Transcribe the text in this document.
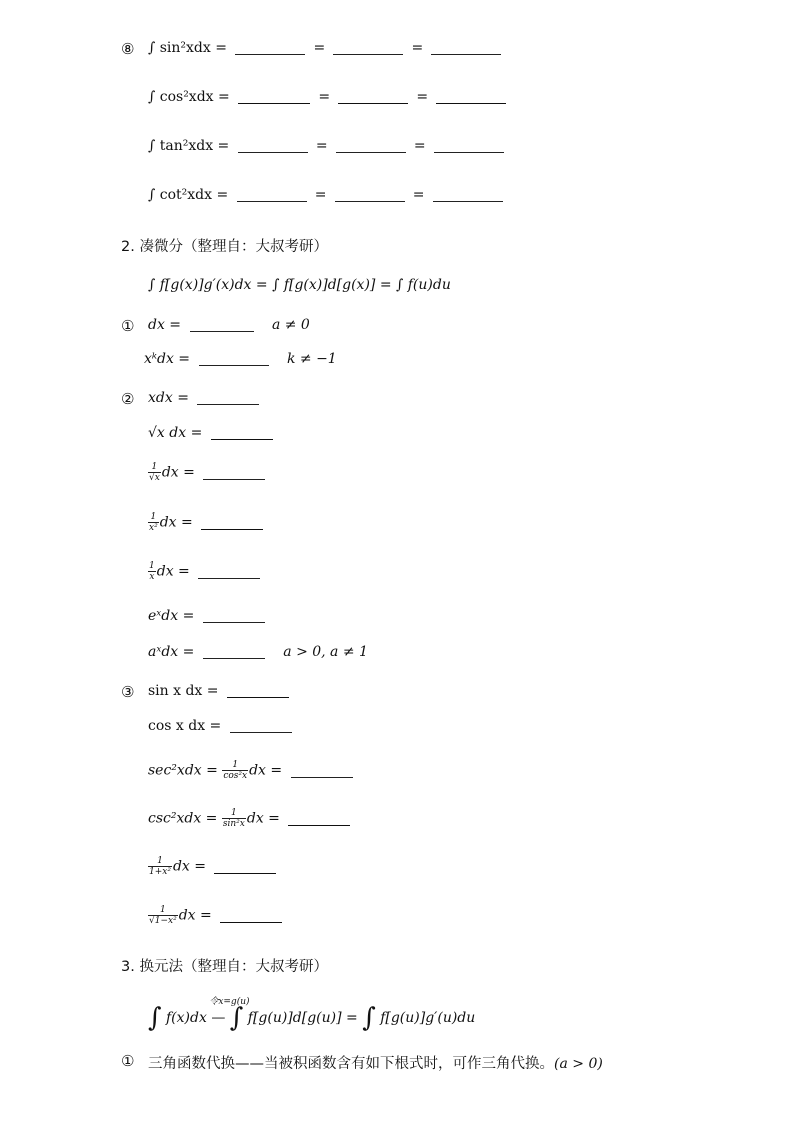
⑧ ∫ sin²xdx =	=	=
∫ cos²xdx =	=	=
∫ tan²xdx =	=	=
∫ cot²xdx =	=	=
2. 凑微分（整理自：大叔考研）
∫ f[g(x)]g′(x)dx = ∫ f[g(x)]d[g(x)] = ∫ f(u)du
① dx =	a ≠ 0
xᵏdx =	k ≠ −1
② xdx =
√x dx =
$\frac{1}{√x}$ dx =
$\frac{1}{\text{x²}}$ dx =
$\frac{1}{x}$ dx =
eˣdx =
aˣdx =	a > 0, a ≠ 1
③ sin x dx =
cos x dx =
$\sec^2xdx = \frac{1}{\text{cos²x}}$ dx =
$\csc^2xdx = \frac{1}{\text{sin²x}}$ dx =
$\frac{1}{\text{1+x²}}$ dx =
$\frac{1}{\text{√1−x²}}$ dx =
3. 换元法（整理自：大叔考研）
∫ f(x)dx
令x=g(u)
— ∫ f[g(u)]d[g(u)] = ∫ f[g(u)]g′(u)du
① 三角函数代换——当被积函数含有如下根式时，可作三角代换。(a > 0)
